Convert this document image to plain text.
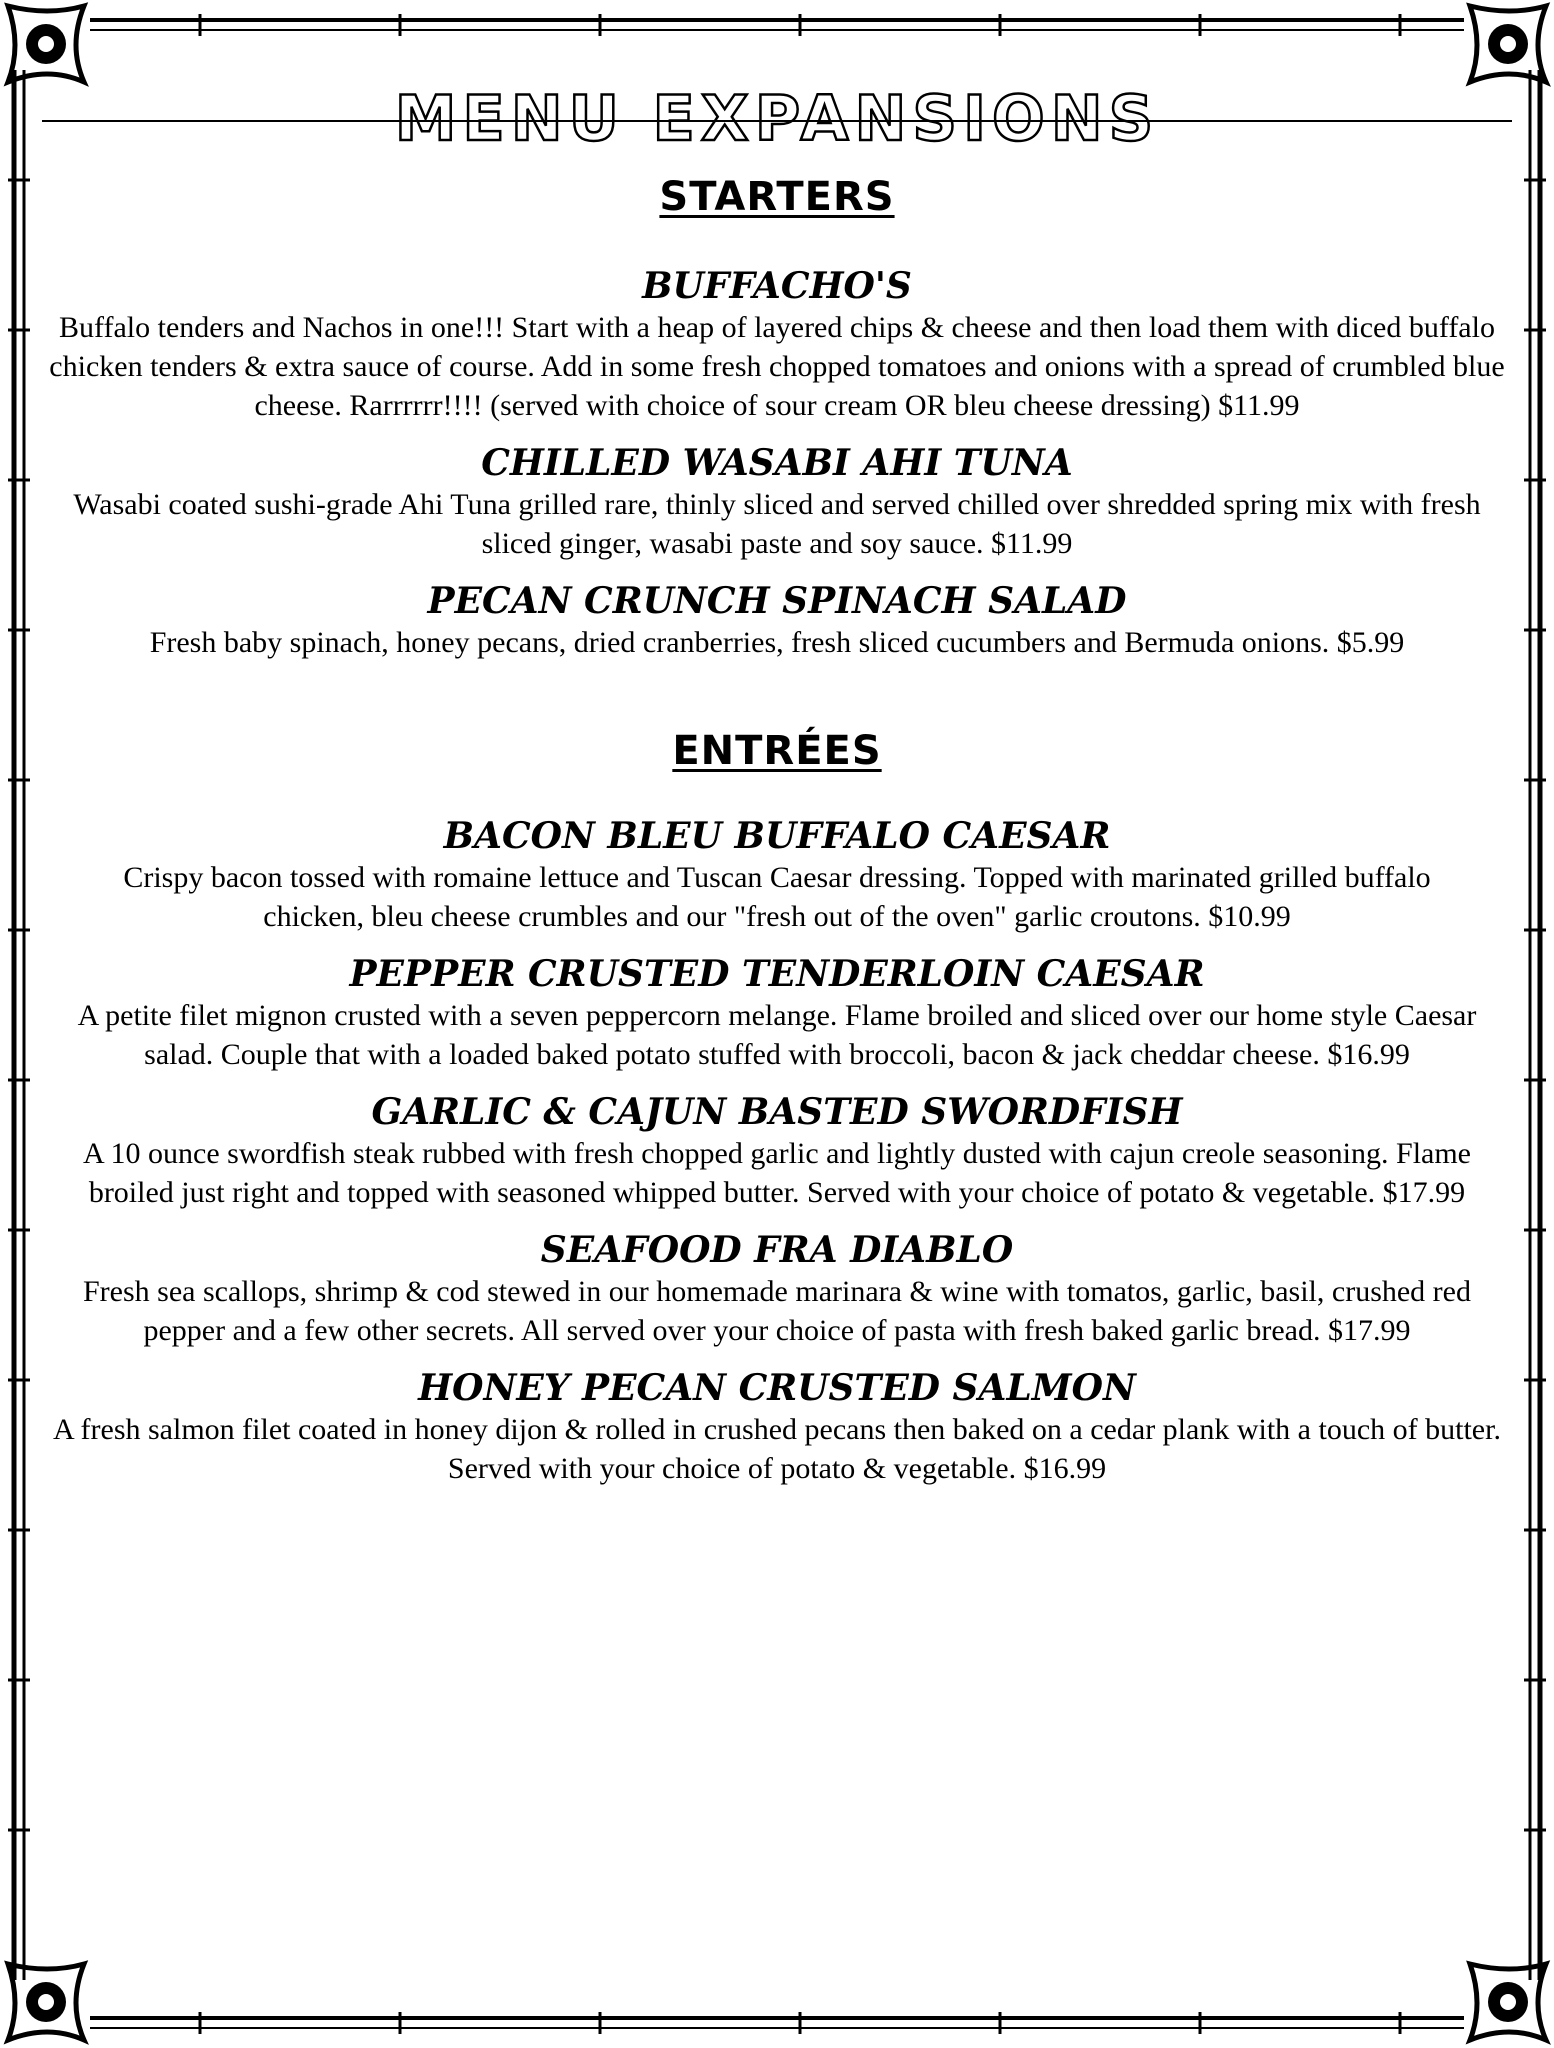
MENU EXPANSIONS
STARTERS
BUFFACHO'S

Buffalo tenders and Nachos in one!!! Start with a heap of layered chips & cheese and then load them with diced buffalo chicken tenders & extra sauce of course. Add in some fresh chopped tomatoes and onions with a spread of crumbled blue cheese. Rarrrrrr!!!! (served with choice of sour cream OR bleu cheese dressing) $11.99

CHILLED WASABI AHI TUNA

Wasabi coated sushi-grade Ahi Tuna grilled rare, thinly sliced and served chilled over shredded spring mix with fresh sliced ginger, wasabi paste and soy sauce. $11.99

PECAN CRUNCH SPINACH SALAD

Fresh baby spinach, honey pecans, dried cranberries, fresh sliced cucumbers and Bermuda onions. $5.99

ENTRÉES
BACON BLEU BUFFALO CAESAR

Crispy bacon tossed with romaine lettuce and Tuscan Caesar dressing. Topped with marinated grilled buffalo chicken, bleu cheese crumbles and our "fresh out of the oven" garlic croutons. $10.99

PEPPER CRUSTED TENDERLOIN CAESAR

A petite filet mignon crusted with a seven peppercorn melange. Flame broiled and sliced over our home style Caesar salad. Couple that with a loaded baked potato stuffed with broccoli, bacon & jack cheddar cheese. $16.99

GARLIC & CAJUN BASTED SWORDFISH

A 10 ounce swordfish steak rubbed with fresh chopped garlic and lightly dusted with cajun creole seasoning. Flame broiled just right and topped with seasoned whipped butter. Served with your choice of potato & vegetable. $17.99

SEAFOOD FRA DIABLO

Fresh sea scallops, shrimp & cod stewed in our homemade marinara & wine with tomatos, garlic, basil, crushed red pepper and a few other secrets. All served over your choice of pasta with fresh baked garlic bread. $17.99

HONEY PECAN CRUSTED SALMON

A fresh salmon filet coated in honey dijon & rolled in crushed pecans then baked on a cedar plank with a touch of butter. Served with your choice of potato & vegetable. $16.99
